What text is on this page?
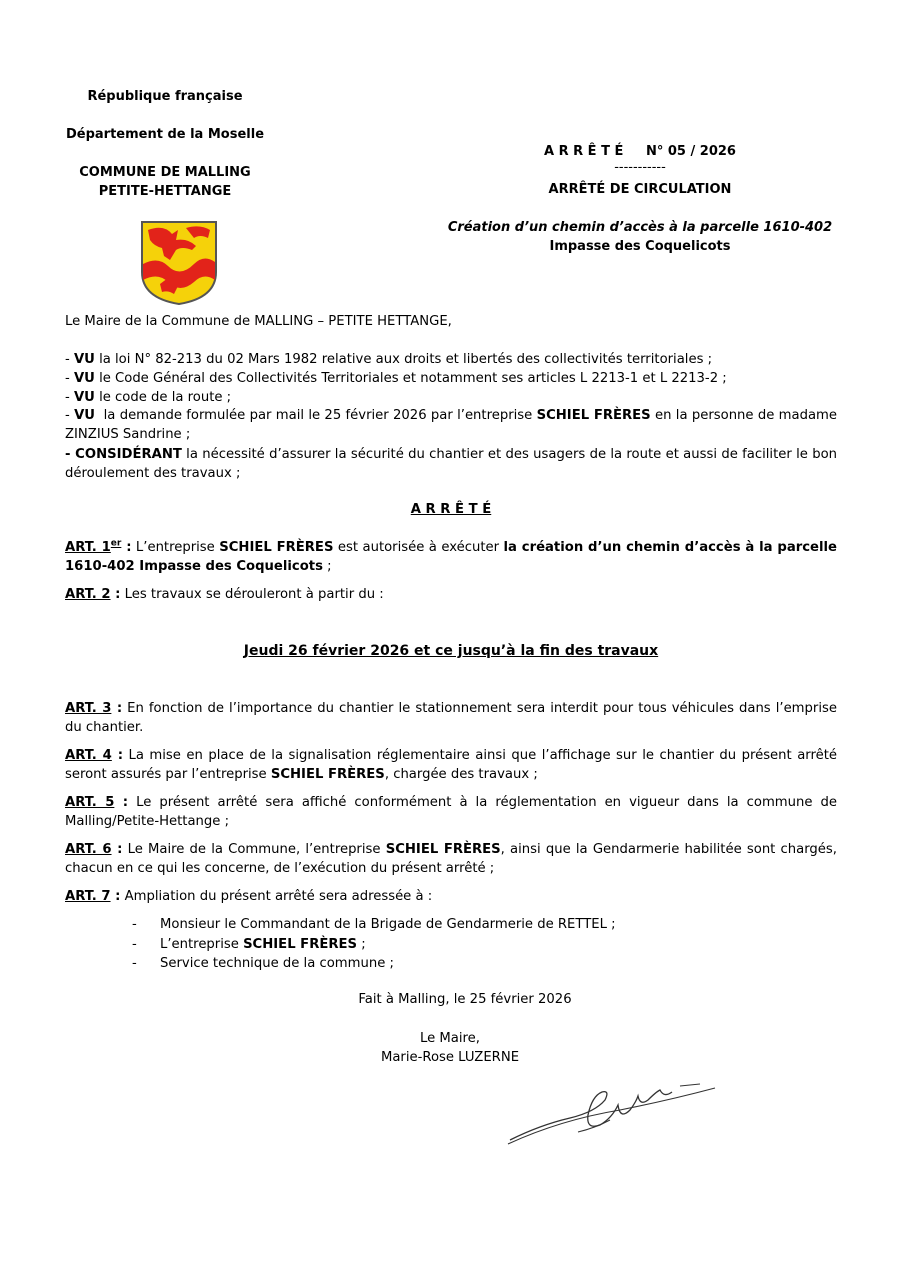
République française
Département de la Moselle
COMMUNE DE MALLING
PETITE-HETTANGE
A R R Ê T É     N° 05 / 2026
-----------
ARRÊTÉ DE CIRCULATION
Création d’un chemin d’accès à la parcelle 1610-402
Impasse des Coquelicots
Le Maire de la Commune de MALLING – PETITE HETTANGE,
- VU la loi N° 82-213 du 02 Mars 1982 relative aux droits et libertés des collectivités territoriales ;
- VU le Code Général des Collectivités Territoriales et notamment ses articles L 2213-1 et L 2213-2 ;
- VU le code de la route ;
- VU  la demande formulée par mail le 25 février 2026 par l’entreprise SCHIEL FRÈRES en la personne de madame ZINZIUS Sandrine ;
- CONSIDÉRANT la nécessité d’assurer la sécurité du chantier et des usagers de la route et aussi de faciliter le bon déroulement des travaux ;
A R R Ê T É
ART. 1er : L’entreprise SCHIEL FRÈRES est autorisée à exécuter la création d’un chemin d’accès à la parcelle 1610-402 Impasse des Coquelicots ;
ART. 2 : Les travaux se dérouleront à partir du :
Jeudi 26 février 2026 et ce jusqu’à la fin des travaux
ART. 3 : En fonction de l’importance du chantier le stationnement sera interdit pour tous véhicules dans l’emprise du chantier.
ART. 4 : La mise en place de la signalisation réglementaire ainsi que l’affichage sur le chantier du présent arrêté seront assurés par l’entreprise SCHIEL FRÈRES, chargée des travaux ;
ART. 5 : Le présent arrêté sera affiché conformément à la réglementation en vigueur dans la commune de Malling/Petite-Hettange ;
ART. 6 : Le Maire de la Commune, l’entreprise SCHIEL FRÈRES, ainsi que la Gendarmerie habilitée sont chargés, chacun en ce qui les concerne, de l’exécution du présent arrêté ;
ART. 7 : Ampliation du présent arrêté sera adressée à :
- Monsieur le Commandant de la Brigade de Gendarmerie de RETTEL ;
- L’entreprise SCHIEL FRÈRES ;
- Service technique de la commune ;
Fait à Malling, le 25 février 2026
Le Maire,
Marie-Rose LUZERNE
